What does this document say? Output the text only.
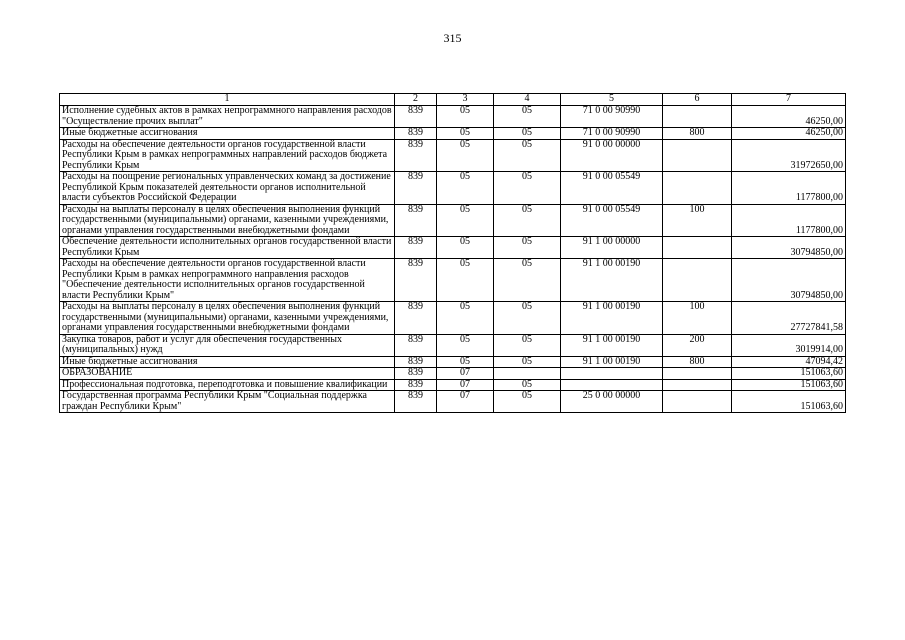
315
1	2	3	4	5	6	7
Исполнение судебных актов в рамках непрограммного направления расходов "Осуществление прочих выплат"	839	05	05	71 0 00 90990		46250,00
Иные бюджетные ассигнования	839	05	05	71 0 00 90990	800	46250,00
Расходы на обеспечение деятельности органов государственной власти Республики Крым в рамках непрограммных направлений расходов бюджета Республики Крым	839	05	05	91 0 00 00000		31972650,00
Расходы на поощрение региональных управленческих команд за достижение Республикой Крым показателей деятельности органов исполнительной власти субъектов Российской Федерации	839	05	05	91 0 00 05549		1177800,00
Расходы на выплаты персоналу в целях обеспечения выполнения функций государственными (муниципальными) органами, казенными учреждениями, органами управления государственными внебюджетными фондами	839	05	05	91 0 00 05549	100	1177800,00
Обеспечение деятельности исполнительных органов государственной власти Республики Крым	839	05	05	91 1 00 00000		30794850,00
Расходы на обеспечение деятельности органов государственной власти Республики Крым в рамках непрограммного направления расходов "Обеспечение деятельности исполнительных органов государственной власти Республики Крым"	839	05	05	91 1 00 00190		30794850,00
Расходы на выплаты персоналу в целях обеспечения выполнения функций государственными (муниципальными) органами, казенными учреждениями, органами управления государственными внебюджетными фондами	839	05	05	91 1 00 00190	100	27727841,58
Закупка товаров, работ и услуг для обеспечения государственных (муниципальных) нужд	839	05	05	91 1 00 00190	200	3019914,00
Иные бюджетные ассигнования	839	05	05	91 1 00 00190	800	47094,42
ОБРАЗОВАНИЕ	839	07				151063,60
Профессиональная подготовка, переподготовка и повышение квалификации	839	07	05			151063,60
Государственная программа Республики Крым "Социальная поддержка граждан Республики Крым"	839	07	05	25 0 00 00000		151063,60
